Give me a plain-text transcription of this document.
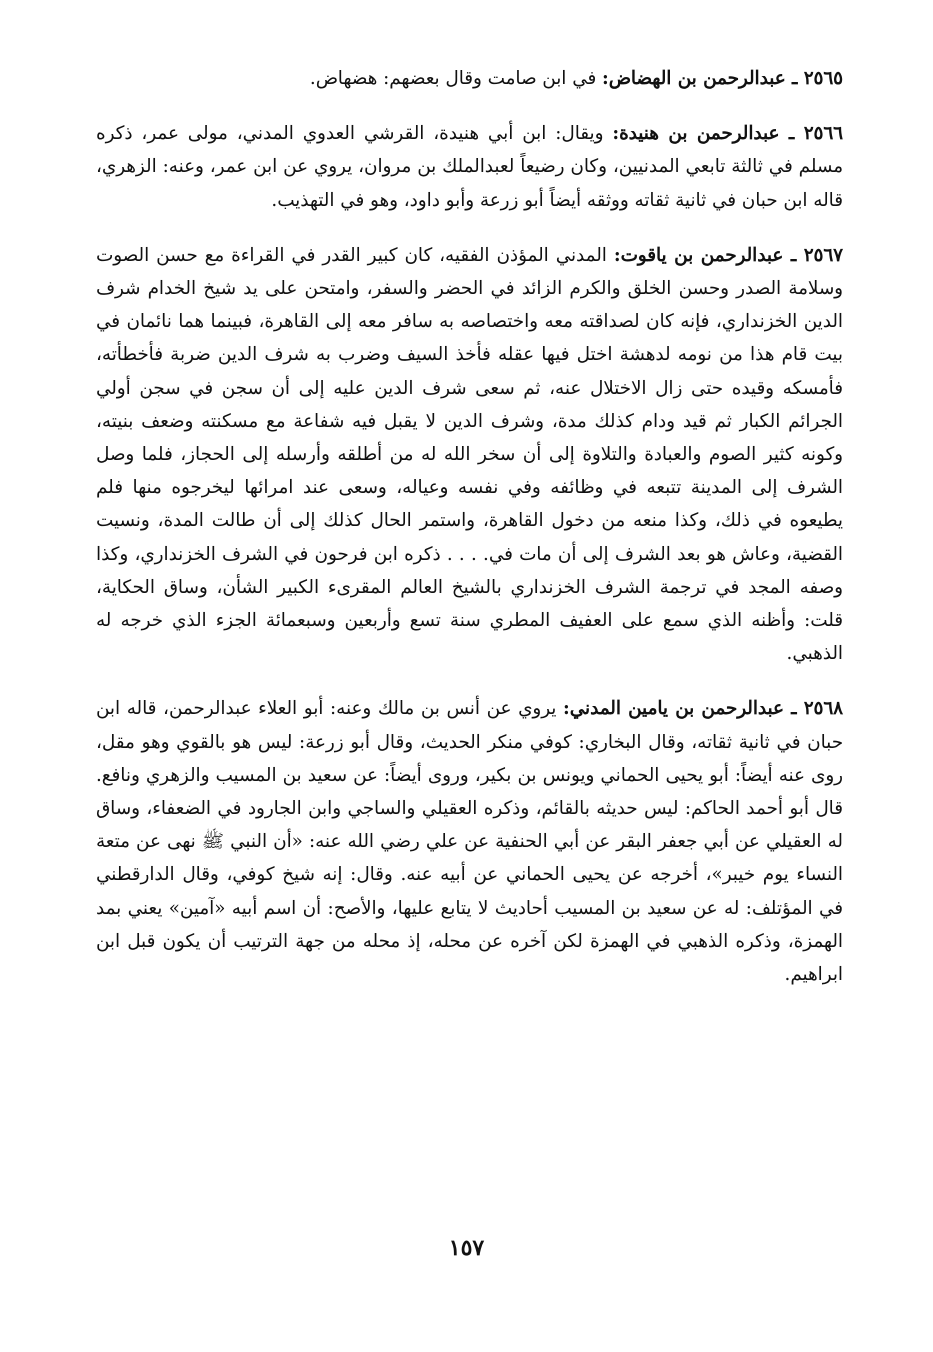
٢٥٦٥ ـ عبدالرحمن بن الهضاض: في ابن صامت وقال بعضهم: هضهاض.

٢٥٦٦ ـ عبدالرحمن بن هنيدة: ويقال: ابن أبي هنيدة، القرشي العدوي المدني، مولى عمر، ذكره مسلم في ثالثة تابعي المدنيين، وكان رضيعاً لعبدالملك بن مروان، يروي عن ابن عمر، وعنه: الزهري، قاله ابن حبان في ثانية ثقاته ووثقه أيضاً أبو زرعة وأبو داود، وهو في التهذيب.

٢٥٦٧ ـ عبدالرحمن بن ياقوت: المدني المؤذن الفقيه، كان كبير القدر في القراءة مع حسن الصوت وسلامة الصدر وحسن الخلق والكرم الزائد في الحضر والسفر، وامتحن على يد شيخ الخدام شرف الدين الخزنداري، فإنه كان لصداقته معه واختصاصه به سافر معه إلى القاهرة، فبينما هما نائمان في بيت قام هذا من نومه لدهشة اختل فيها عقله فأخذ السيف وضرب به شرف الدين ضربة فأخطأته، فأمسكه وقيده حتى زال الاختلال عنه، ثم سعى شرف الدين عليه إلى أن سجن في سجن أولي الجرائم الكبار ثم قيد ودام كذلك مدة، وشرف الدين لا يقبل فيه شفاعة مع مسكنته وضعف بنيته، وكونه كثير الصوم والعبادة والتلاوة إلى أن سخر الله له من أطلقه وأرسله إلى الحجاز، فلما وصل الشرف إلى المدينة تتبعه في وظائفه وفي نفسه وعياله، وسعى عند امرائها ليخرجوه منها فلم يطيعوه في ذلك، وكذا منعه من دخول القاهرة، واستمر الحال كذلك إلى أن طالت المدة، ونسيت القضية، وعاش هو بعد الشرف إلى أن مات في. . . . ذكره ابن فرحون في الشرف الخزنداري، وكذا وصفه المجد في ترجمة الشرف الخزنداري بالشيخ العالم المقرىء الكبير الشأن، وساق الحكاية، قلت: وأظنه الذي سمع على العفيف المطري سنة تسع وأربعين وسبعمائة الجزء الذي خرجه له الذهبي.

٢٥٦٨ ـ عبدالرحمن بن يامين المدني: يروي عن أنس بن مالك وعنه: أبو العلاء عبدالرحمن، قاله ابن حبان في ثانية ثقاته، وقال البخاري: كوفي منكر الحديث، وقال أبو زرعة: ليس هو بالقوي وهو مقل، روى عنه أيضاً: أبو يحيى الحماني ويونس بن بكير، وروى أيضاً: عن سعيد بن المسيب والزهري ونافع. قال أبو أحمد الحاكم: ليس حديثه بالقائم، وذكره العقيلي والساجي وابن الجارود في الضعفاء، وساق له العقيلي عن أبي جعفر البقر عن أبي الحنفية عن علي رضي الله عنه: «أن النبي ﷺ نهى عن متعة النساء يوم خيبر»، أخرجه عن يحيى الحماني عن أبيه عنه. وقال: إنه شيخ كوفي، وقال الدارقطني في المؤتلف: له عن سعيد بن المسيب أحاديث لا يتابع عليها، والأصح: أن اسم أبيه «آمين» يعني بمد الهمزة، وذكره الذهبي في الهمزة لكن آخره عن محله، إذ محله من جهة الترتيب أن يكون قبل ابن ابراهيم.

١٥٧
